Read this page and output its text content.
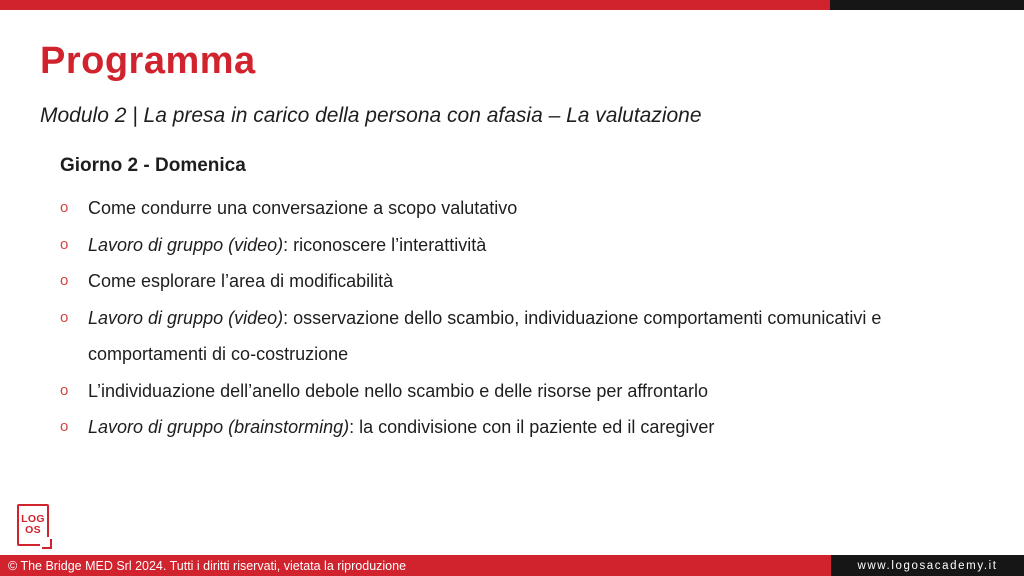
Programma

Modulo 2 | La presa in carico della persona con afasia – La valutazione

Giorno 2 - Domenica
o	Come condurre una conversazione a scopo valutativo
o	Lavoro di gruppo (video): riconoscere l’interattività
o	Come esplorare l’area di modificabilità
o	Lavoro di gruppo (video): osservazione dello scambio, individuazione comportamenti comunicativi e comportamenti di co-costruzione
o	L’individuazione dell’anello debole nello scambio e delle risorse per affrontarlo
o	Lavoro di gruppo (brainstorming): la condivisione con il paziente ed il caregiver
LOG
OS
© The Bridge MED Srl 2024. Tutti i diritti riservati, vietata la riproduzione	www.logosacademy.it
